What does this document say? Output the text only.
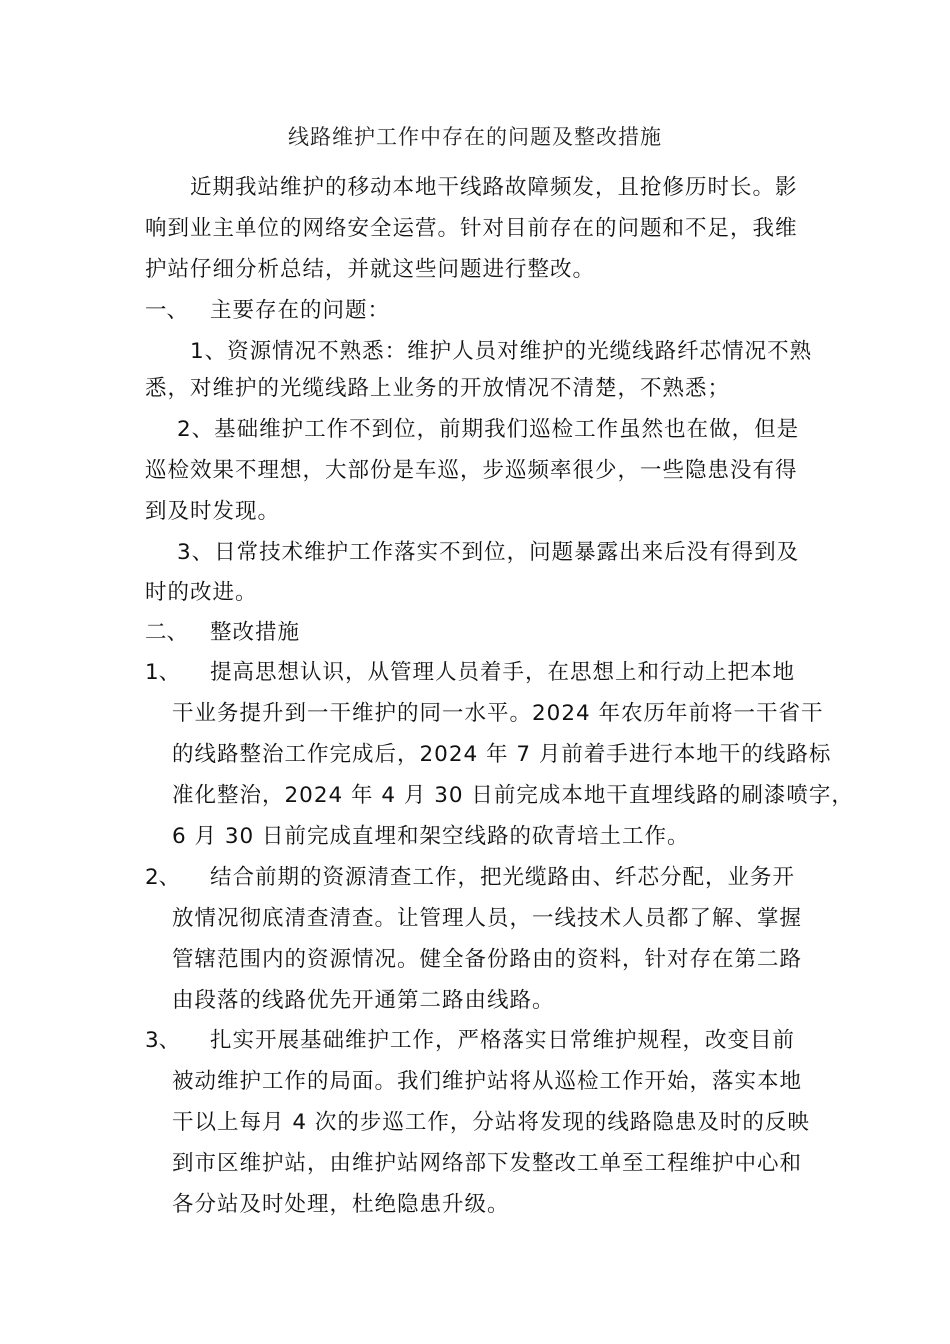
线路维护工作中存在的问题及整改措施
近期我站维护的移动本地干线路故障频发，且抢修历时长。影
响到业主单位的网络安全运营。针对目前存在的问题和不足，我维
护站仔细分析总结，并就这些问题进行整改。
一、 主要存在的问题：
1、资源情况不熟悉：维护人员对维护的光缆线路纤芯情况不熟
悉，对维护的光缆线路上业务的开放情况不清楚，不熟悉；
2、基础维护工作不到位，前期我们巡检工作虽然也在做，但是
巡检效果不理想，大部份是车巡，步巡频率很少，一些隐患没有得
到及时发现。
3、日常技术维护工作落实不到位，问题暴露出来后没有得到及
时的改进。
二、 整改措施
1、 提高思想认识，从管理人员着手，在思想上和行动上把本地
干业务提升到一干维护的同一水平。2024 年农历年前将一干省干
的线路整治工作完成后，2024 年 7 月前着手进行本地干的线路标
准化整治，2024 年 4 月 30 日前完成本地干直埋线路的刷漆喷字，
6 月 30 日前完成直埋和架空线路的砍青培土工作。
2、 结合前期的资源清查工作，把光缆路由、纤芯分配，业务开
放情况彻底清查清查。让管理人员，一线技术人员都了解、掌握
管辖范围内的资源情况。健全备份路由的资料，针对存在第二路
由段落的线路优先开通第二路由线路。
3、 扎实开展基础维护工作，严格落实日常维护规程，改变目前
被动维护工作的局面。我们维护站将从巡检工作开始，落实本地
干以上每月 4 次的步巡工作，分站将发现的线路隐患及时的反映
到市区维护站，由维护站网络部下发整改工单至工程维护中心和
各分站及时处理，杜绝隐患升级。
